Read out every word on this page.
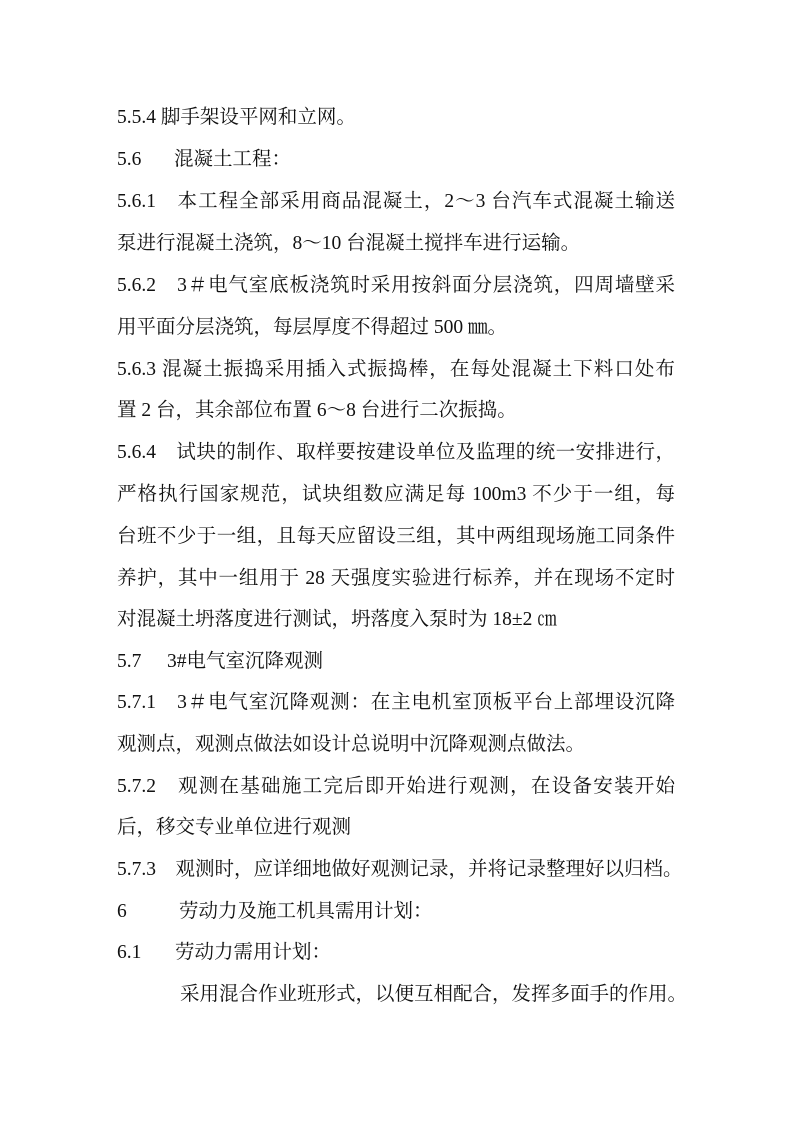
5.5.4 脚手架设平网和立网。
5.6 混凝土工程：
5.6.1　本工程全部采用商品混凝土，2～3 台汽车式混凝土输送
泵进行混凝土浇筑，8～10 台混凝土搅拌车进行运输。
5.6.2　3＃电气室底板浇筑时采用按斜面分层浇筑，四周墙壁采
用平面分层浇筑，每层厚度不得超过 500 ㎜。
5.6.3 混凝土振捣采用插入式振捣棒，在每处混凝土下料口处布
置 2 台，其余部位布置 6～8 台进行二次振捣。
5.6.4　试块的制作、取样要按建设单位及监理的统一安排进行，
严格执行国家规范，试块组数应满足每 100m3 不少于一组，每
台班不少于一组，且每天应留设三组，其中两组现场施工同条件
养护，其中一组用于 28 天强度实验进行标养，并在现场不定时
对混凝土坍落度进行测试，坍落度入泵时为 18±2 ㎝
5.7 3#电气室沉降观测
5.7.1　3＃电气室沉降观测：在主电机室顶板平台上部埋设沉降
观测点，观测点做法如设计总说明中沉降观测点做法。
5.7.2　观测在基础施工完后即开始进行观测，在设备安装开始
后，移交专业单位进行观测
5.7.3　观测时，应详细地做好观测记录，并将记录整理好以归档。
6	劳动力及施工机具需用计划：
6.1 劳动力需用计划：
采用混合作业班形式，以便互相配合，发挥多面手的作用。
